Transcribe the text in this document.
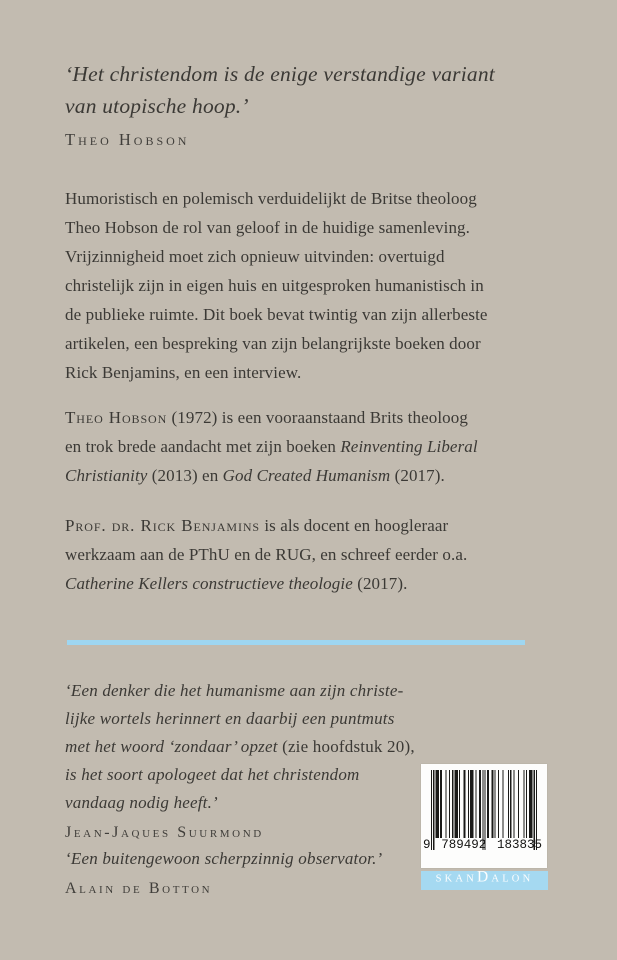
‘Het christendom is de enige verstandige variant

van utopische hoop.’

Theo Hobson

Humoristisch en polemisch verduidelijkt de Britse theoloog

Theo Hobson de rol van geloof in de huidige samenleving.

Vrijzinnigheid moet zich opnieuw uitvinden: overtuigd

christelijk zijn in eigen huis en uitgesproken humanistisch in

de publieke ruimte. Dit boek bevat twintig van zijn allerbeste

artikelen, een bespreking van zijn belangrijkste boeken door

Rick Benjamins, en een interview.

Theo Hobson (1972) is een vooraanstaand Brits theoloog

en trok brede aandacht met zijn boeken Reinventing Liberal

Christianity (2013) en God Created Humanism (2017).

Prof. dr. Rick Benjamins is als docent en hoogleraar

werkzaam aan de PThU en de RUG, en schreef eerder o.a.

Catherine Kellers constructieve theologie (2017).

‘Een denker die het humanisme aan zijn christe-

lijke wortels herinnert en daarbij een puntmuts

met het woord ‘zondaar’ opzet (zie hoofdstuk 20),

is het soort apologeet dat het christendom

vandaag nodig heeft.’

Jean-Jaques Suurmond

‘Een buitengewoon scherpzinnig observator.’

Alain de Botton

9 789492 183835
SKAN D ALON
